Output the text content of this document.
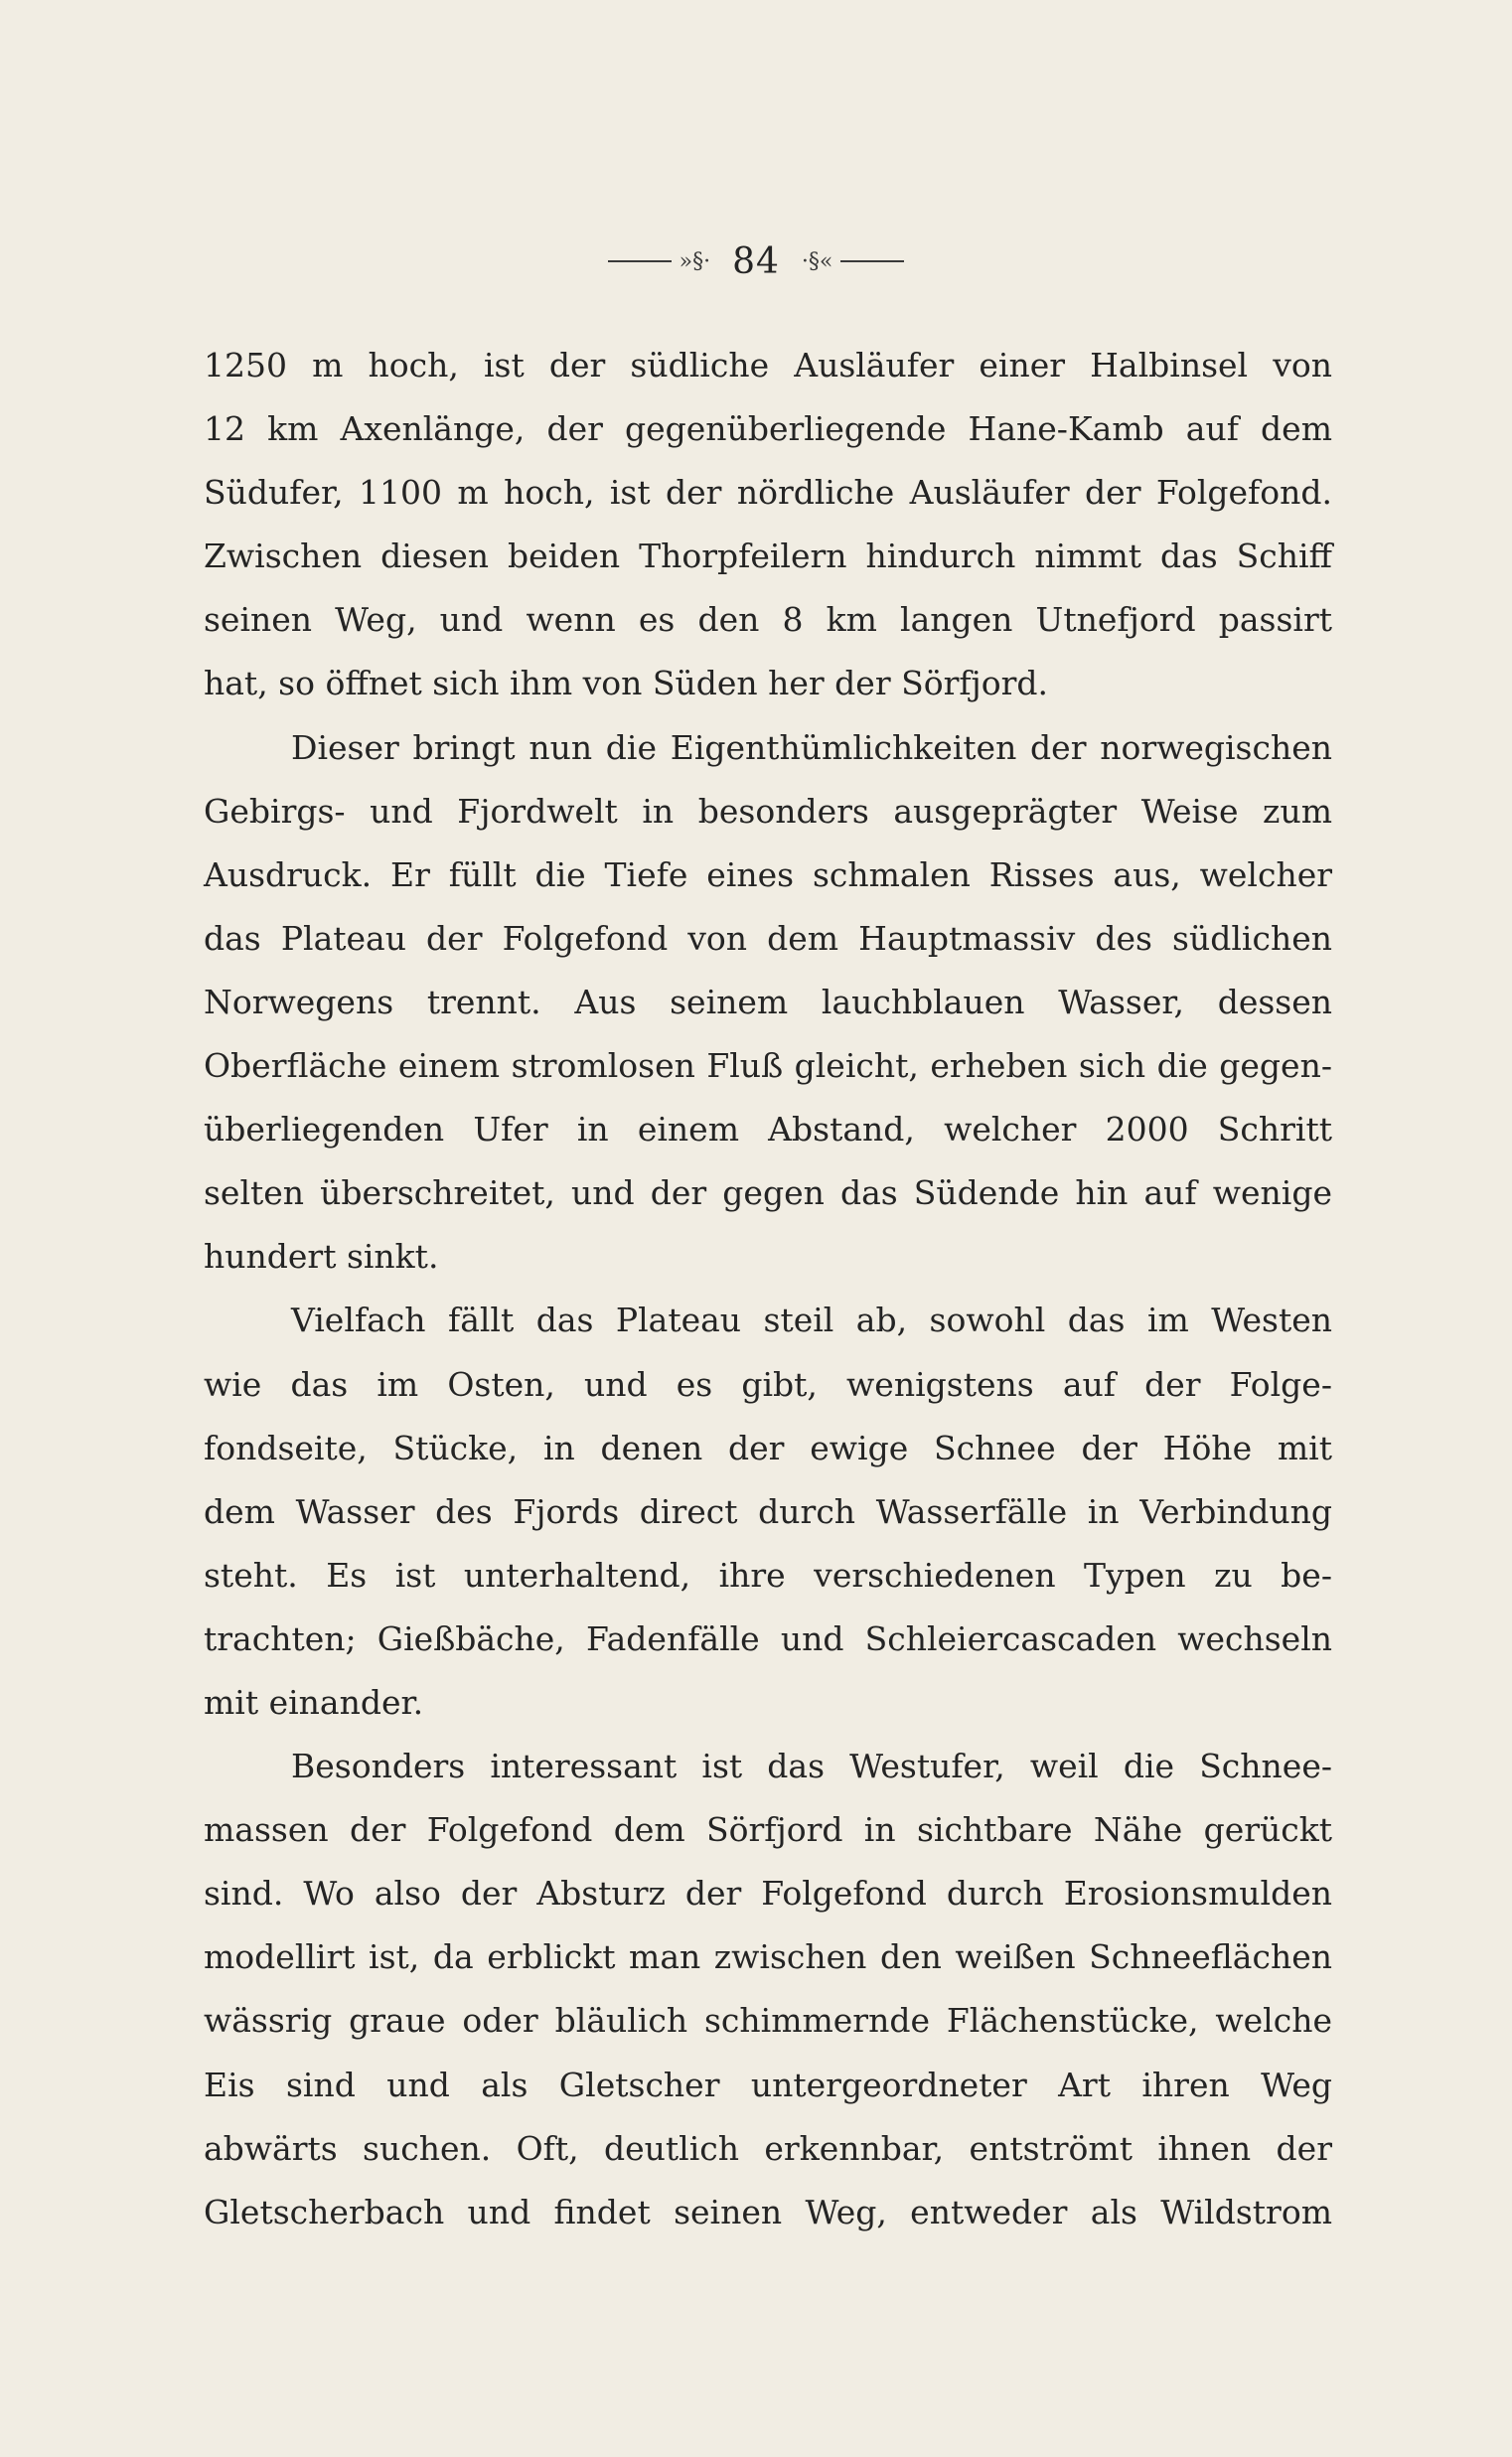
»§· 84 ·§«
1250 m hoch, ist der südliche Ausläufer einer Halbinsel von
12 km Axenlänge, der gegenüberliegende Hane-Kamb auf dem
Südufer, 1100 m hoch, ist der nördliche Ausläufer der Folgefond.
Zwischen diesen beiden Thorpfeilern hindurch nimmt das Schiff
seinen Weg, und wenn es den 8 km langen Utnefjord passirt
hat, so öffnet sich ihm von Süden her der Sörfjord.
Dieser bringt nun die Eigenthümlichkeiten der norwegischen
Gebirgs- und Fjordwelt in besonders ausgeprägter Weise zum
Ausdruck. Er füllt die Tiefe eines schmalen Risses aus, welcher
das Plateau der Folgefond von dem Hauptmassiv des südlichen
Norwegens trennt. Aus seinem lauchblauen Wasser, dessen
Oberfläche einem stromlosen Fluß gleicht, erheben sich die gegen-
überliegenden Ufer in einem Abstand, welcher 2000 Schritt
selten überschreitet, und der gegen das Südende hin auf wenige
hundert sinkt.
Vielfach fällt das Plateau steil ab, sowohl das im Westen
wie das im Osten, und es gibt, wenigstens auf der Folge-
fondseite, Stücke, in denen der ewige Schnee der Höhe mit
dem Wasser des Fjords direct durch Wasserfälle in Verbindung
steht. Es ist unterhaltend, ihre verschiedenen Typen zu be-
trachten; Gießbäche, Fadenfälle und Schleiercascaden wechseln
mit einander.
Besonders interessant ist das Westufer, weil die Schnee-
massen der Folgefond dem Sörfjord in sichtbare Nähe gerückt
sind. Wo also der Absturz der Folgefond durch Erosionsmulden
modellirt ist, da erblickt man zwischen den weißen Schneeflächen
wässrig graue oder bläulich schimmernde Flächenstücke, welche
Eis sind und als Gletscher untergeordneter Art ihren Weg
abwärts suchen. Oft, deutlich erkennbar, entströmt ihnen der
Gletscherbach und findet seinen Weg, entweder als Wildstrom
